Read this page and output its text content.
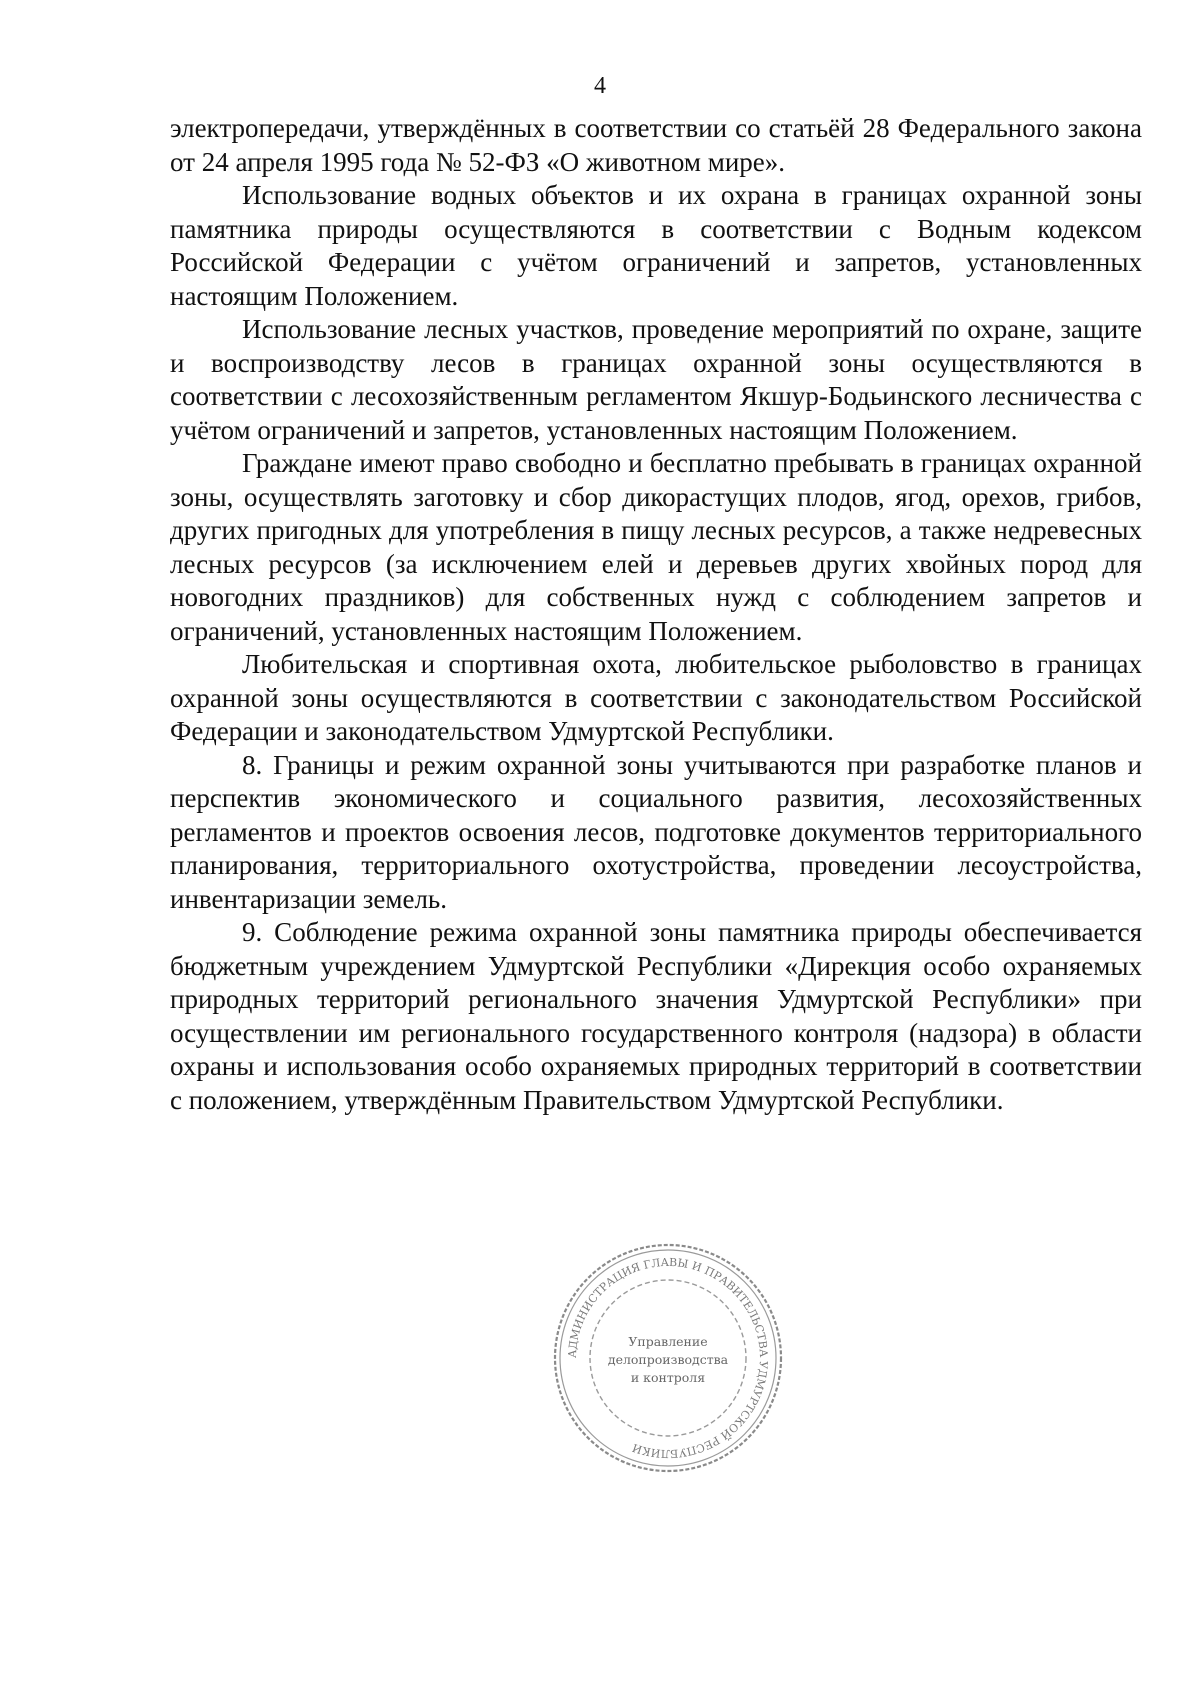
4

электропередачи, утверждённых в соответствии со статьёй 28 Федерального закона от 24 апреля 1995 года № 52-ФЗ «О животном мире».

Использование водных объектов и их охрана в границах охранной зоны памятника природы осуществляются в соответствии с Водным кодексом Российской Федерации с учётом ограничений и запретов, установленных настоящим Положением.

Использование лесных участков, проведение мероприятий по охране, защите и воспроизводству лесов в границах охранной зоны осуществляются в соответствии с лесохозяйственным регламентом Якшур-Бодьинского лесничества с учётом ограничений и запретов, установленных настоящим Положением.

Граждане имеют право свободно и бесплатно пребывать в границах охранной зоны, осуществлять заготовку и сбор дикорастущих плодов, ягод, орехов, грибов, других пригодных для употребления в пищу лесных ресурсов, а также недревесных лесных ресурсов (за исключением елей и деревьев других хвойных пород для новогодних праздников) для собственных нужд с соблюдением запретов и ограничений, установленных настоящим Положением.

Любительская и спортивная охота, любительское рыболовство в границах охранной зоны осуществляются в соответствии с законодательством Российской Федерации и законодательством Удмуртской Республики.

8. Границы и режим охранной зоны учитываются при разработке планов и перспектив экономического и социального развития, лесохозяйственных регламентов и проектов освоения лесов, подготовке документов территориального планирования, территориального охотустройства, проведении лесоустройства, инвентаризации земель.

9. Соблюдение режима охранной зоны памятника природы обеспечивается бюджетным учреждением Удмуртской Республики «Дирекция особо охраняемых природных территорий регионального значения Удмуртской Республики» при осуществлении им регионального государственного контроля (надзора) в области охраны и использования особо охраняемых природных территорий в соответствии с положением, утверждённым Правительством Удмуртской Республики.

АДМИНИСТРАЦИЯ ГЛАВЫ И ПРАВИТЕЛЬСТВА УДМУРТСКОЙ РЕСПУБЛИКИ
Управление
делопроизводства
и контроля
